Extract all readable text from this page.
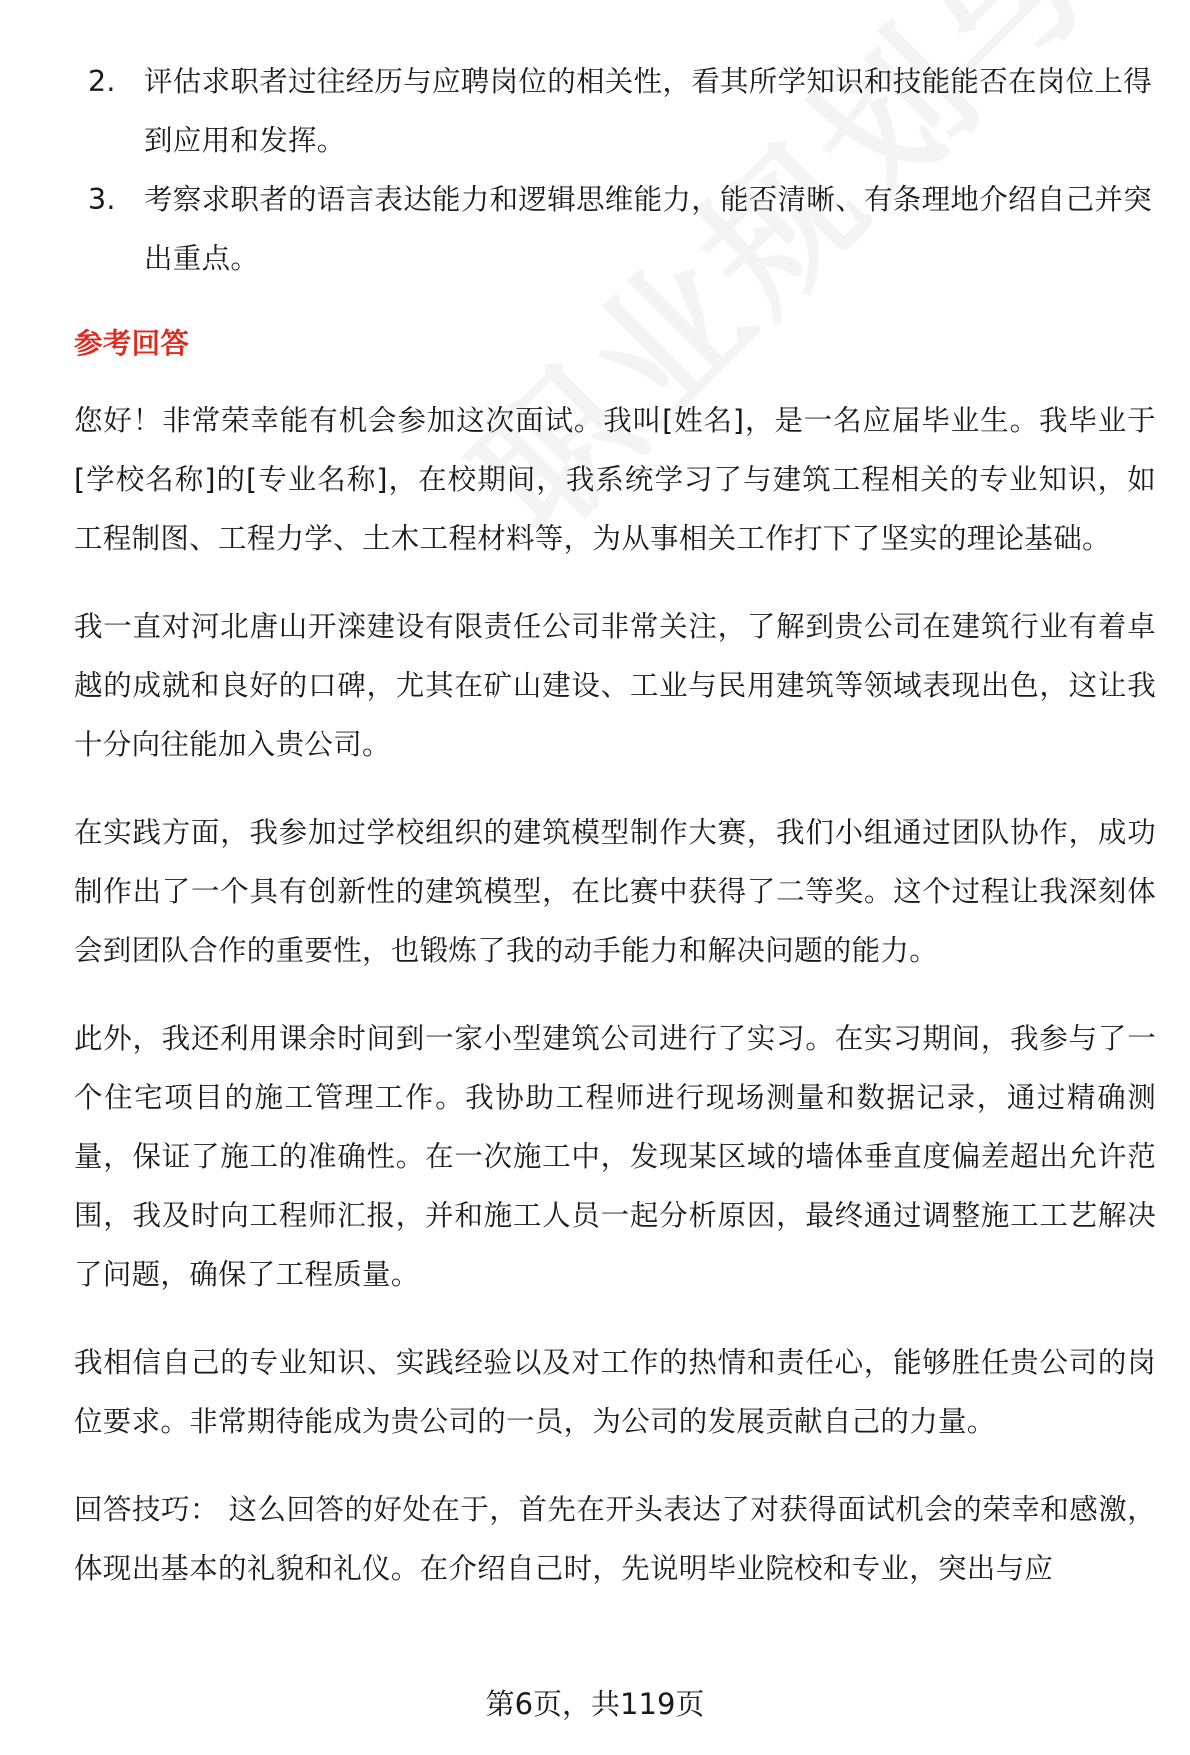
2. 评估求职者过往经历与应聘岗位的相关性，看其所学知识和技能能否在岗位上得到应用和发挥。
3. 考察求职者的语言表达能力和逻辑思维能力，能否清晰、有条理地介绍自己并突出重点。
参考回答

您好！非常荣幸能有机会参加这次面试。我叫[姓名]，是一名应届毕业生。我毕业于[学校名称]的[专业名称]，在校期间，我系统学习了与建筑工程相关的专业知识，如工程制图、工程力学、土木工程材料等，为从事相关工作打下了坚实的理论基础。

我一直对河北唐山开滦建设有限责任公司非常关注，了解到贵公司在建筑行业有着卓越的成就和良好的口碑，尤其在矿山建设、工业与民用建筑等领域表现出色，这让我十分向往能加入贵公司。

在实践方面，我参加过学校组织的建筑模型制作大赛，我们小组通过团队协作，成功制作出了一个具有创新性的建筑模型，在比赛中获得了二等奖。这个过程让我深刻体会到团队合作的重要性，也锻炼了我的动手能力和解决问题的能力。

此外，我还利用课余时间到一家小型建筑公司进行了实习。在实习期间，我参与了一个住宅项目的施工管理工作。我协助工程师进行现场测量和数据记录，通过精确测量，保证了施工的准确性。在一次施工中，发现某区域的墙体垂直度偏差超出允许范围，我及时向工程师汇报，并和施工人员一起分析原因，最终通过调整施工工艺解决了问题，确保了工程质量。

我相信自己的专业知识、实践经验以及对工作的热情和责任心，能够胜任贵公司的岗位要求。非常期待能成为贵公司的一员，为公司的发展贡献自己的力量。

回答技巧： 这么回答的好处在于，首先在开头表达了对获得面试机会的荣幸和感激，体现出基本的礼貌和礼仪。在介绍自己时，先说明毕业院校和专业，突出与应

第6页，共119页
